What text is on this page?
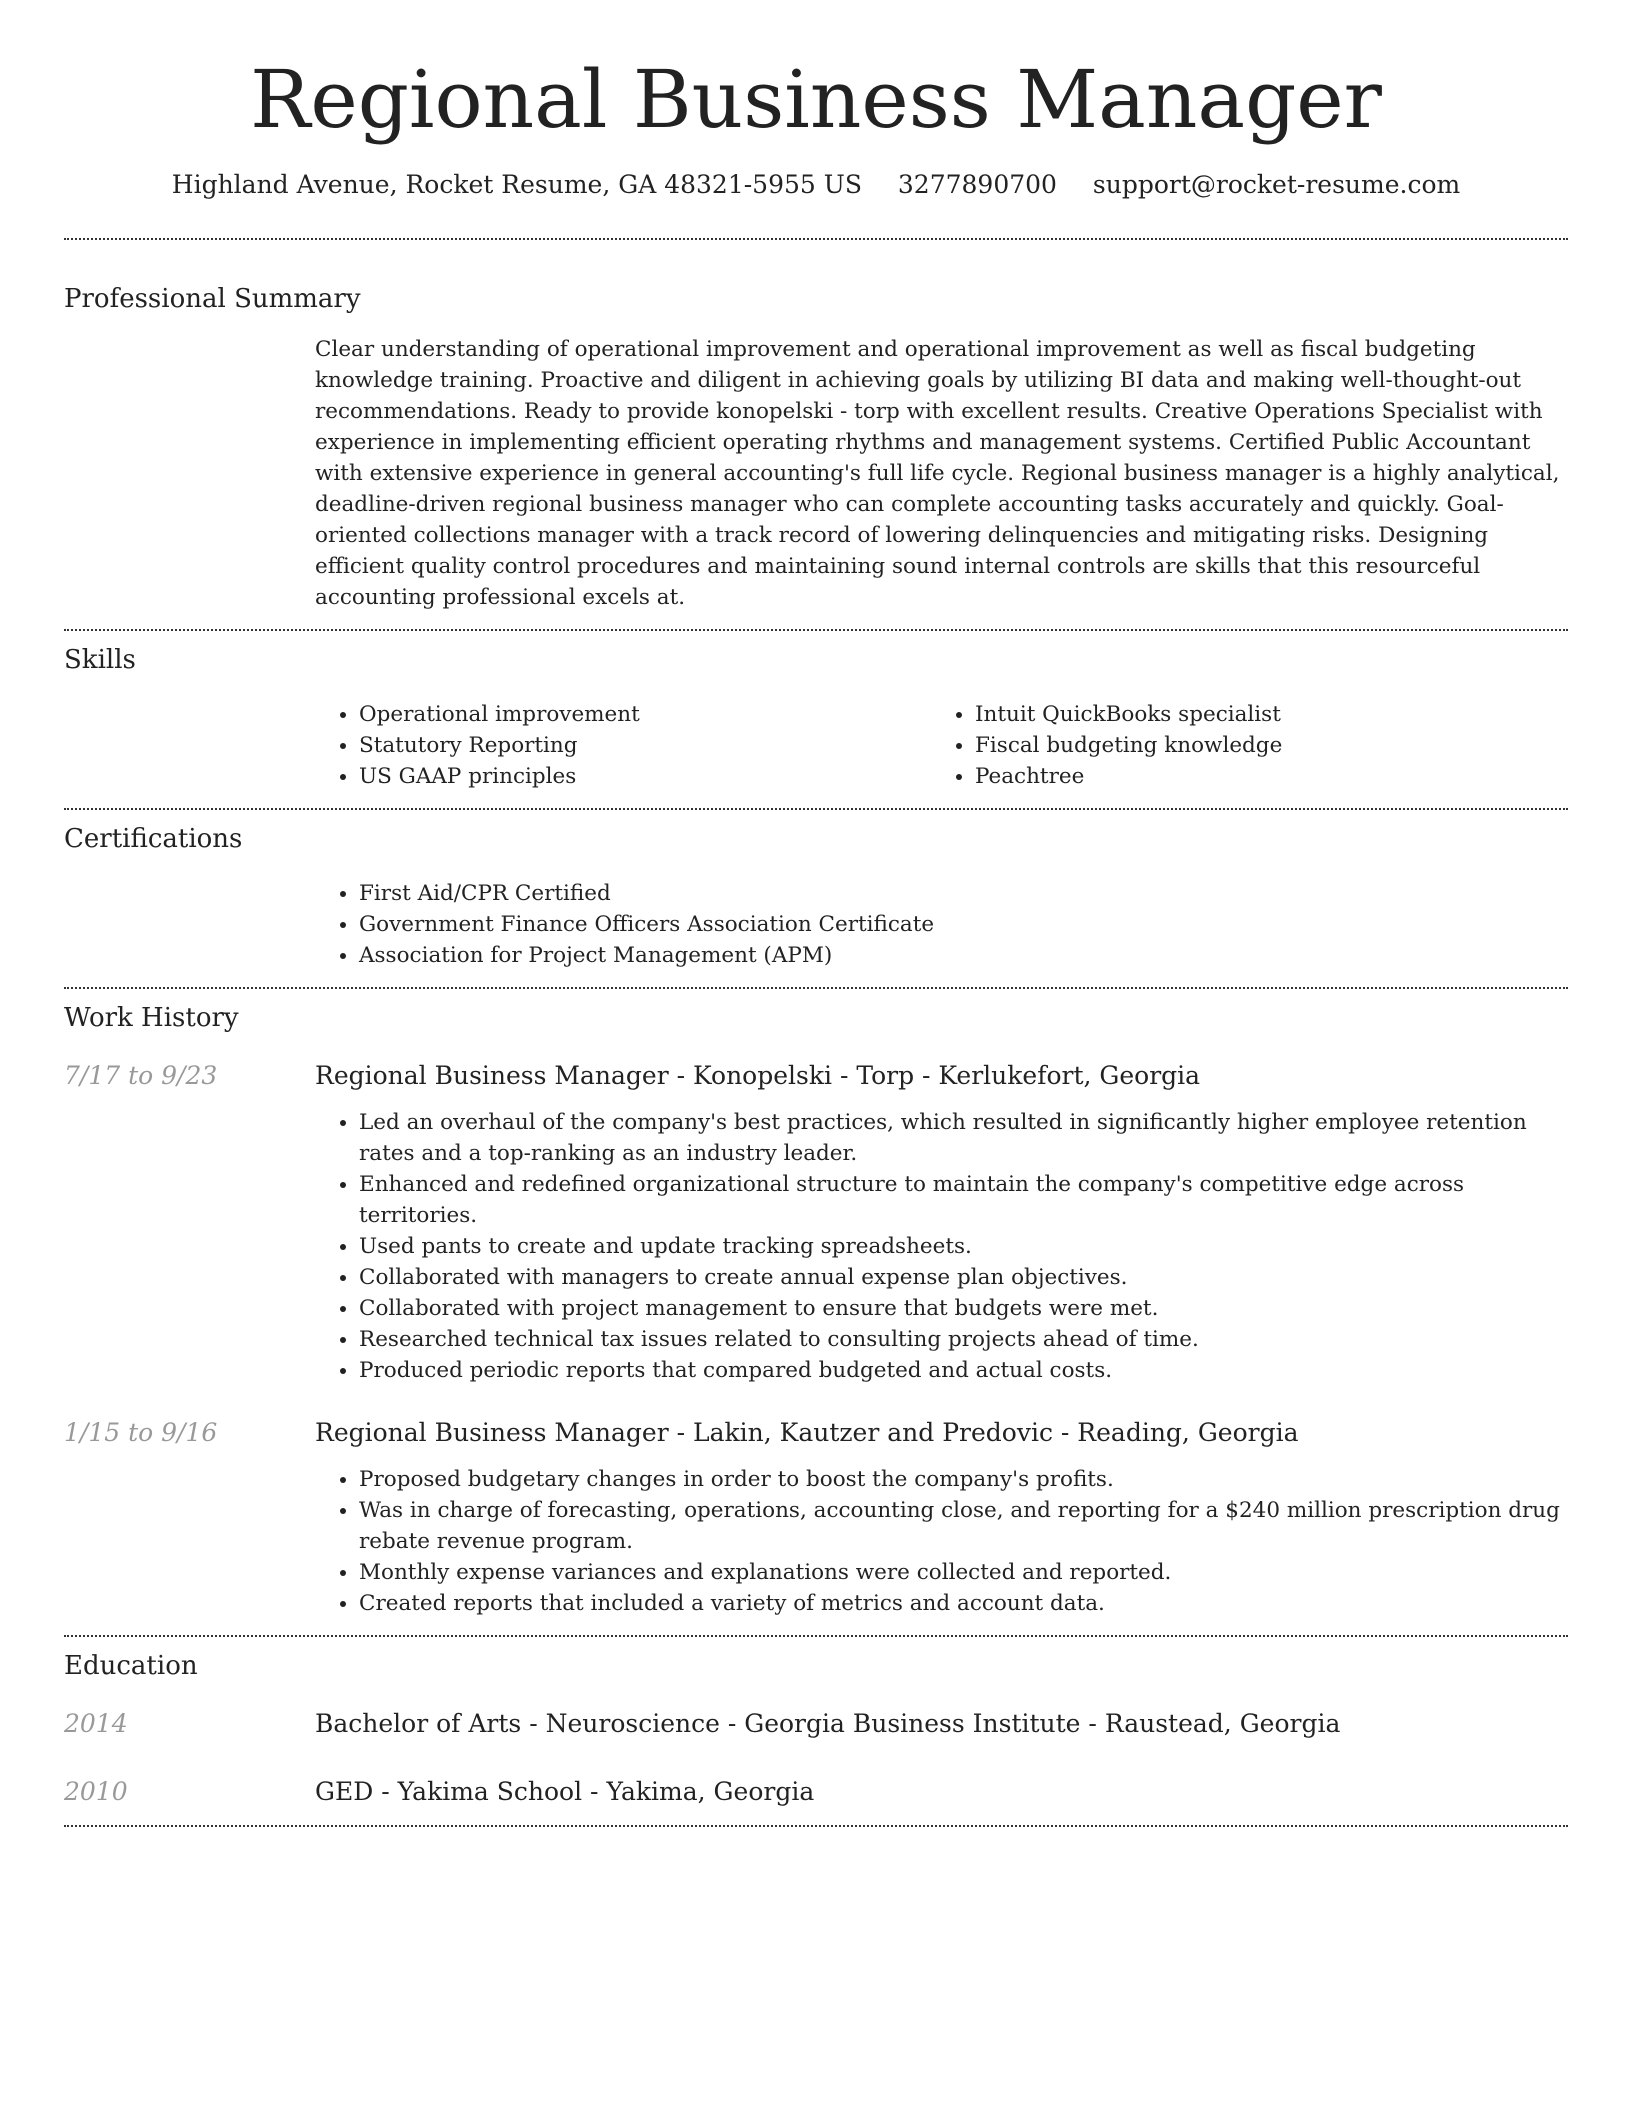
Regional Business Manager
Highland Avenue, Rocket Resume, GA 48321-5955 US 3277890700 support@rocket-resume.com
Professional Summary
Clear understanding of operational improvement and operational improvement as well as fiscal budgeting knowledge training. Proactive and diligent in achieving goals by utilizing BI data and making well-thought-out recommendations. Ready to provide konopelski - torp with excellent results. Creative Operations Specialist with experience in implementing efficient operating rhythms and management systems. Certified Public Accountant with extensive experience in general accounting's full life cycle. Regional business manager is a highly analytical, deadline-driven regional business manager who can complete accounting tasks accurately and quickly. Goal-oriented collections manager with a track record of lowering delinquencies and mitigating risks. Designing efficient quality control procedures and maintaining sound internal controls are skills that this resourceful accounting professional excels at.
Skills
• Operational improvement
• Statutory Reporting
• US GAAP principles
• Intuit QuickBooks specialist
• Fiscal budgeting knowledge
• Peachtree
Certifications
• First Aid/CPR Certified
• Government Finance Officers Association Certificate
• Association for Project Management (APM)
Work History
7/17 to 9/23	Regional Business Manager - Konopelski - Torp - Kerlukefort, Georgia
• Led an overhaul of the company's best practices, which resulted in significantly higher employee retention rates and a top-ranking as an industry leader.
• Enhanced and redefined organizational structure to maintain the company's competitive edge across territories.
• Used pants to create and update tracking spreadsheets.
• Collaborated with managers to create annual expense plan objectives.
• Collaborated with project management to ensure that budgets were met.
• Researched technical tax issues related to consulting projects ahead of time.
• Produced periodic reports that compared budgeted and actual costs.
1/15 to 9/16	Regional Business Manager - Lakin, Kautzer and Predovic - Reading, Georgia
• Proposed budgetary changes in order to boost the company's profits.
• Was in charge of forecasting, operations, accounting close, and reporting for a $240 million prescription drug rebate revenue program.
• Monthly expense variances and explanations were collected and reported.
• Created reports that included a variety of metrics and account data.
Education
2014	Bachelor of Arts - Neuroscience - Georgia Business Institute - Raustead, Georgia
2010	GED - Yakima School - Yakima, Georgia
